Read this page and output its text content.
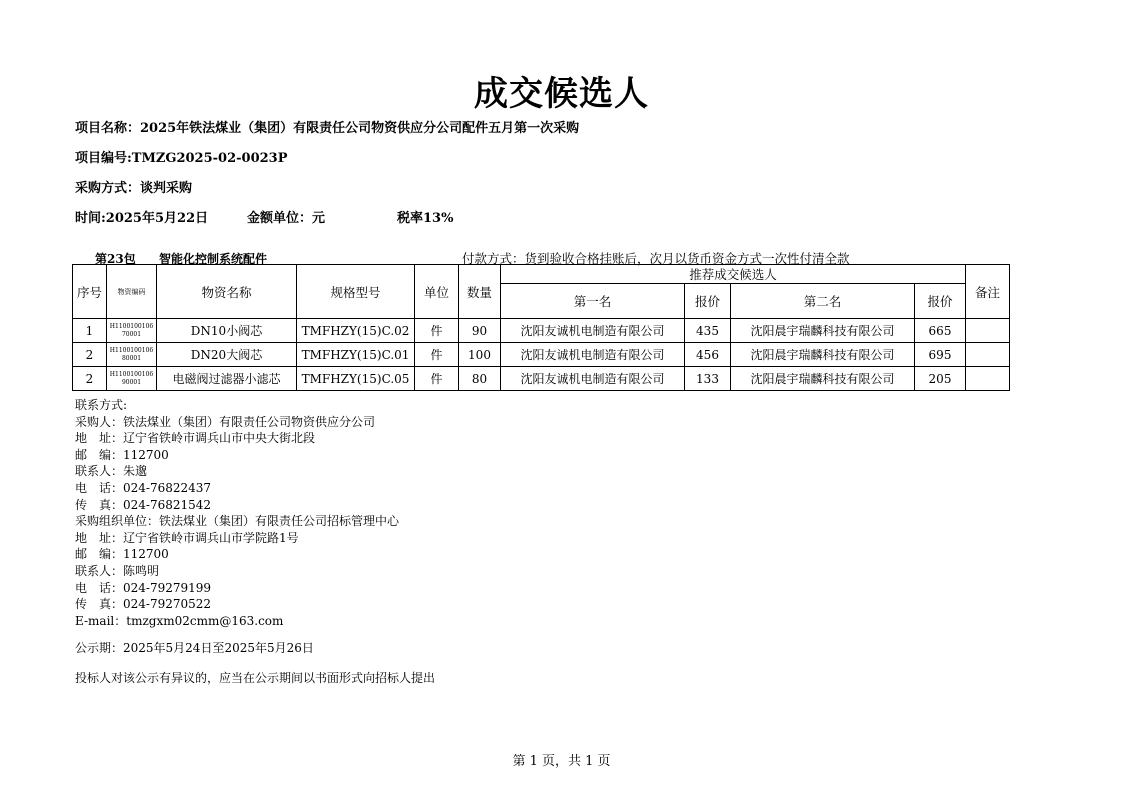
成交候选人
项目名称：2025年铁法煤业（集团）有限责任公司物资供应分公司配件五月第一次采购
项目编号:TMZG2025-02-0023P
采购方式：谈判采购
时间:2025年5月22日	金额单位：元	税率13%
第23包 智能化控制系统配件	付款方式：货到验收合格挂账后，次月以货币资金方式一次性付清全款
序号	物资编码	物资名称	规格型号	单位	数量	推荐成交候选人				备注
						第一名	报价	第二名	报价	
1	H1100100106 70001	DN10小阀芯	TMFHZY(15)C.02	件	90	沈阳友诚机电制造有限公司	435	沈阳晨宇瑞麟科技有限公司	665	
2	H1100100106 80001	DN20大阀芯	TMFHZY(15)C.01	件	100	沈阳友诚机电制造有限公司	456	沈阳晨宇瑞麟科技有限公司	695	
2	H1100100106 90001	电磁阀过滤器小滤芯	TMFHZY(15)C.05	件	80	沈阳友诚机电制造有限公司	133	沈阳晨宇瑞麟科技有限公司	205	
联系方式:
采购人：铁法煤业（集团）有限责任公司物资供应分公司
地　址：辽宁省铁岭市调兵山市中央大街北段
邮　编：112700
联系人：朱邈
电　话：024-76822437
传　真：024-76821542
采购组织单位：铁法煤业（集团）有限责任公司招标管理中心
地　址：辽宁省铁岭市调兵山市学院路1号
邮　编：112700
联系人：陈鸣明
电　话：024-79279199
传　真：024-79270522
E-mail：tmzgxm02cmm@163.com
公示期：2025年5月24日至2025年5月26日
投标人对该公示有异议的，应当在公示期间以书面形式向招标人提出
第 1 页，共 1 页
